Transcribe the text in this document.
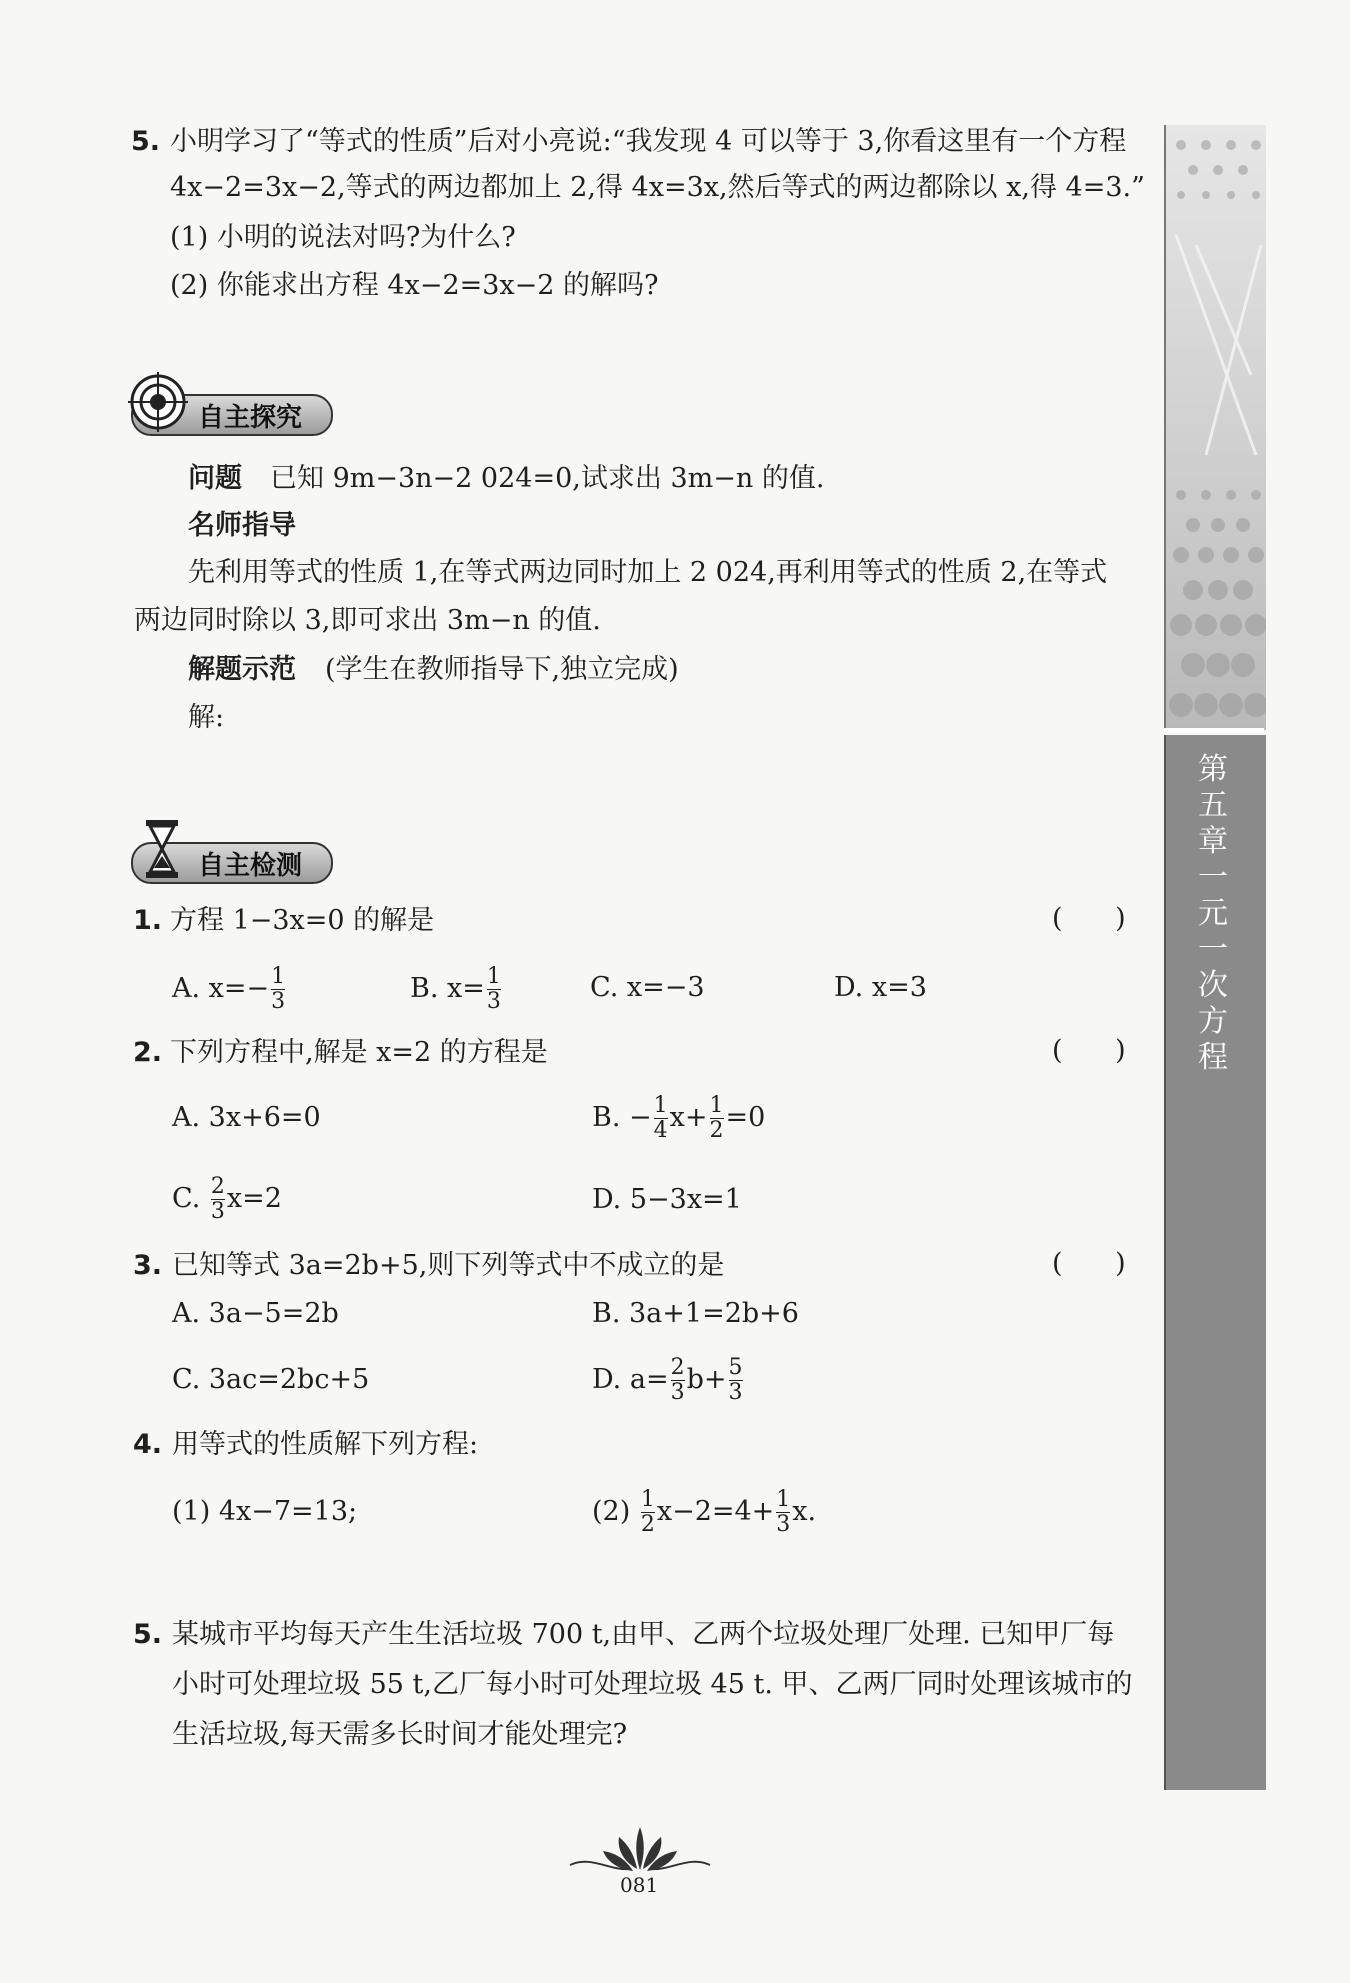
第五章 一元一次方程
5. 小明学习了“等式的性质”后对小亮说:“我发现 4 可以等于 3,你看这里有一个方程
4x−2=3x−2,等式的两边都加上 2,得 4x=3x,然后等式的两边都除以 x,得 4=3.”
(1) 小明的说法对吗?为什么?
(2) 你能求出方程 4x−2=3x−2 的解吗?
自主探究
问题 已知 9m−3n−2 024=0,试求出 3m−n 的值.
名师指导
先利用等式的性质 1,在等式两边同时加上 2 024,再利用等式的性质 2,在等式
两边同时除以 3,即可求出 3m−n 的值.
解题示范 (学生在教师指导下,独立完成)
解:
自主检测
1. 方程 1−3x=0 的解是	( )
A. $x=- \frac{1}{3}$	B. $x= \frac{1}{3}$	C. x=−3	D. x=3
2. 下列方程中,解是 x=2 的方程是	( )
A. 3x+6=0	B. − $\frac{1}{4} x+ \frac{1}{2} =0$
C. $\frac{2}{3} x=2$	D. 5−3x=1
3. 已知等式 3a=2b+5,则下列等式中不成立的是	( )
A. 3a−5=2b	B. 3a+1=2b+6
C. 3ac=2bc+5	D. $a= \frac{2}{3} b+ \frac{5}{3}$
4. 用等式的性质解下列方程:
(1) 4x−7=13;	$(2) \frac{1}{2} x-2=4+ \frac{1}{3} x$.
5. 某城市平均每天产生生活垃圾 700 t,由甲、乙两个垃圾处理厂处理. 已知甲厂每
小时可处理垃圾 55 t,乙厂每小时可处理垃圾 45 t. 甲、乙两厂同时处理该城市的
生活垃圾,每天需多长时间才能处理完?
081
